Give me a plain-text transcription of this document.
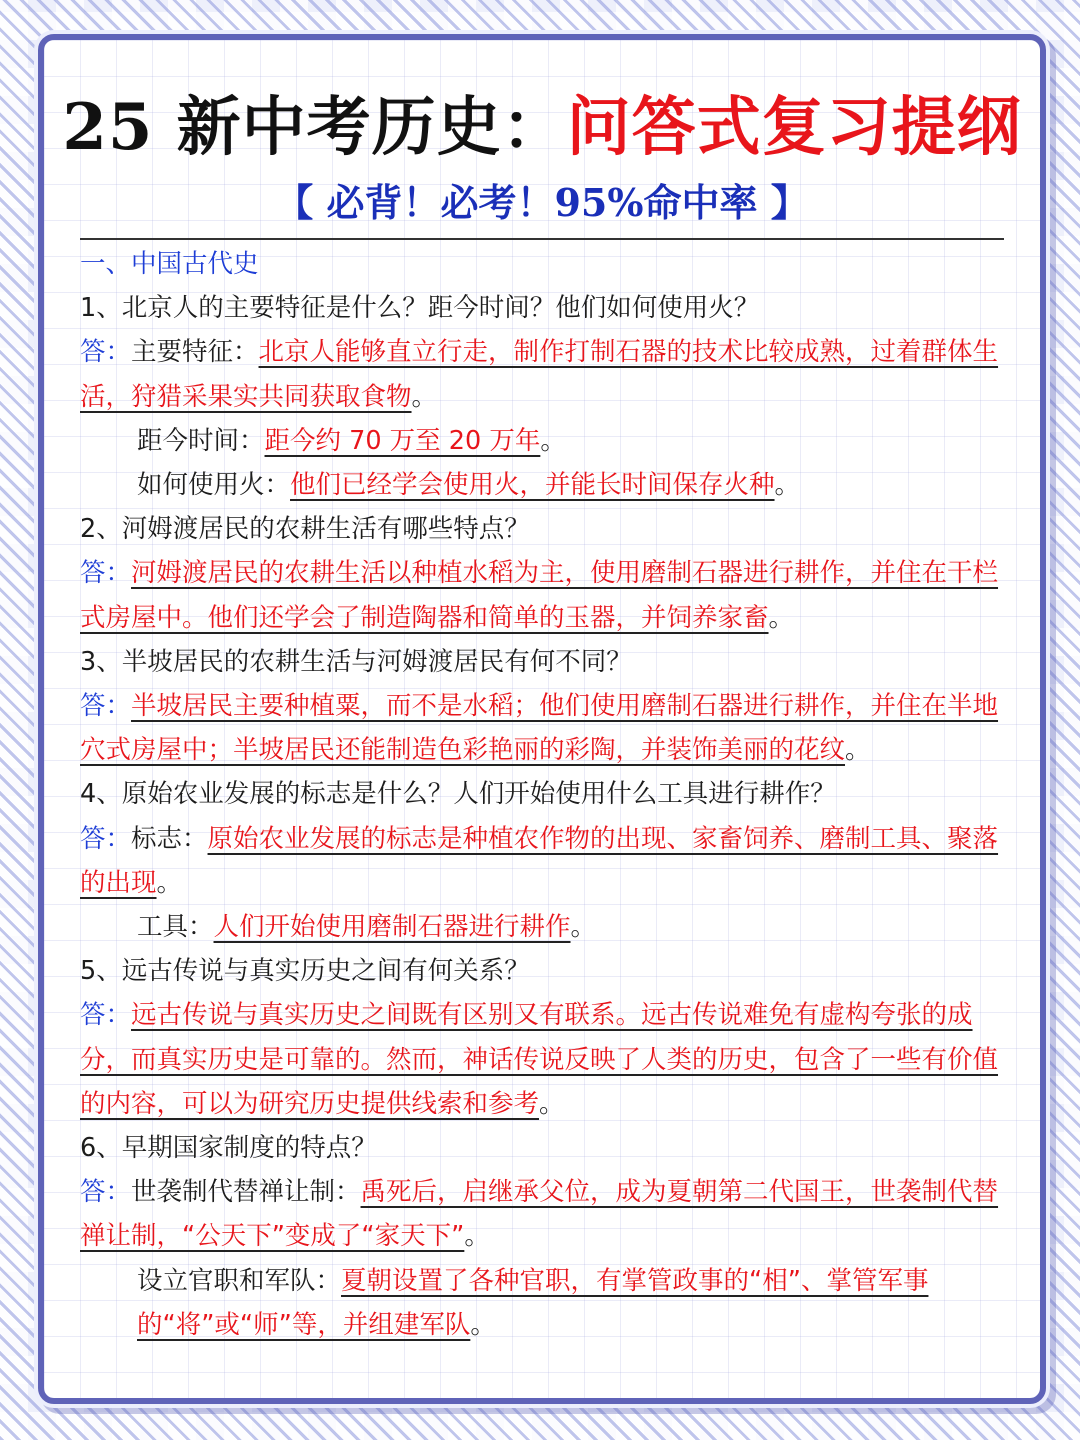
25 新中考历史：问答式复习提纲
【 必背！必考！95%命中率 】

一、中国古代史

1、北京人的主要特征是什么？距今时间？他们如何使用火？

答：主要特征：北京人能够直立行走，制作打制石器的技术比较成熟，过着群体生活，狩猎采果实共同获取食物。

距今时间：距今约 70 万至 20 万年。

如何使用火：他们已经学会使用火，并能长时间保存火种。

2、河姆渡居民的农耕生活有哪些特点？

答：河姆渡居民的农耕生活以种植水稻为主，使用磨制石器进行耕作，并住在干栏式房屋中。他们还学会了制造陶器和简单的玉器，并饲养家畜。

3、半坡居民的农耕生活与河姆渡居民有何不同？

答：半坡居民主要种植粟，而不是水稻；他们使用磨制石器进行耕作，并住在半地穴式房屋中；半坡居民还能制造色彩艳丽的彩陶，并装饰美丽的花纹。

4、原始农业发展的标志是什么？人们开始使用什么工具进行耕作？

答：标志：原始农业发展的标志是种植农作物的出现、家畜饲养、磨制工具、聚落的出现。

工具：人们开始使用磨制石器进行耕作。

5、远古传说与真实历史之间有何关系？

答：远古传说与真实历史之间既有区别又有联系。远古传说难免有虚构夸张的成分，而真实历史是可靠的。然而，神话传说反映了人类的历史，包含了一些有价值的内容，可以为研究历史提供线索和参考。

6、早期国家制度的特点？

答：世袭制代替禅让制：禹死后，启继承父位，成为夏朝第二代国王，世袭制代替禅让制，“公天下”变成了“家天下”。

设立官职和军队：夏朝设置了各种官职，有掌管政事的“相”、掌管军事的“将”或“师”等，并组建军队。
